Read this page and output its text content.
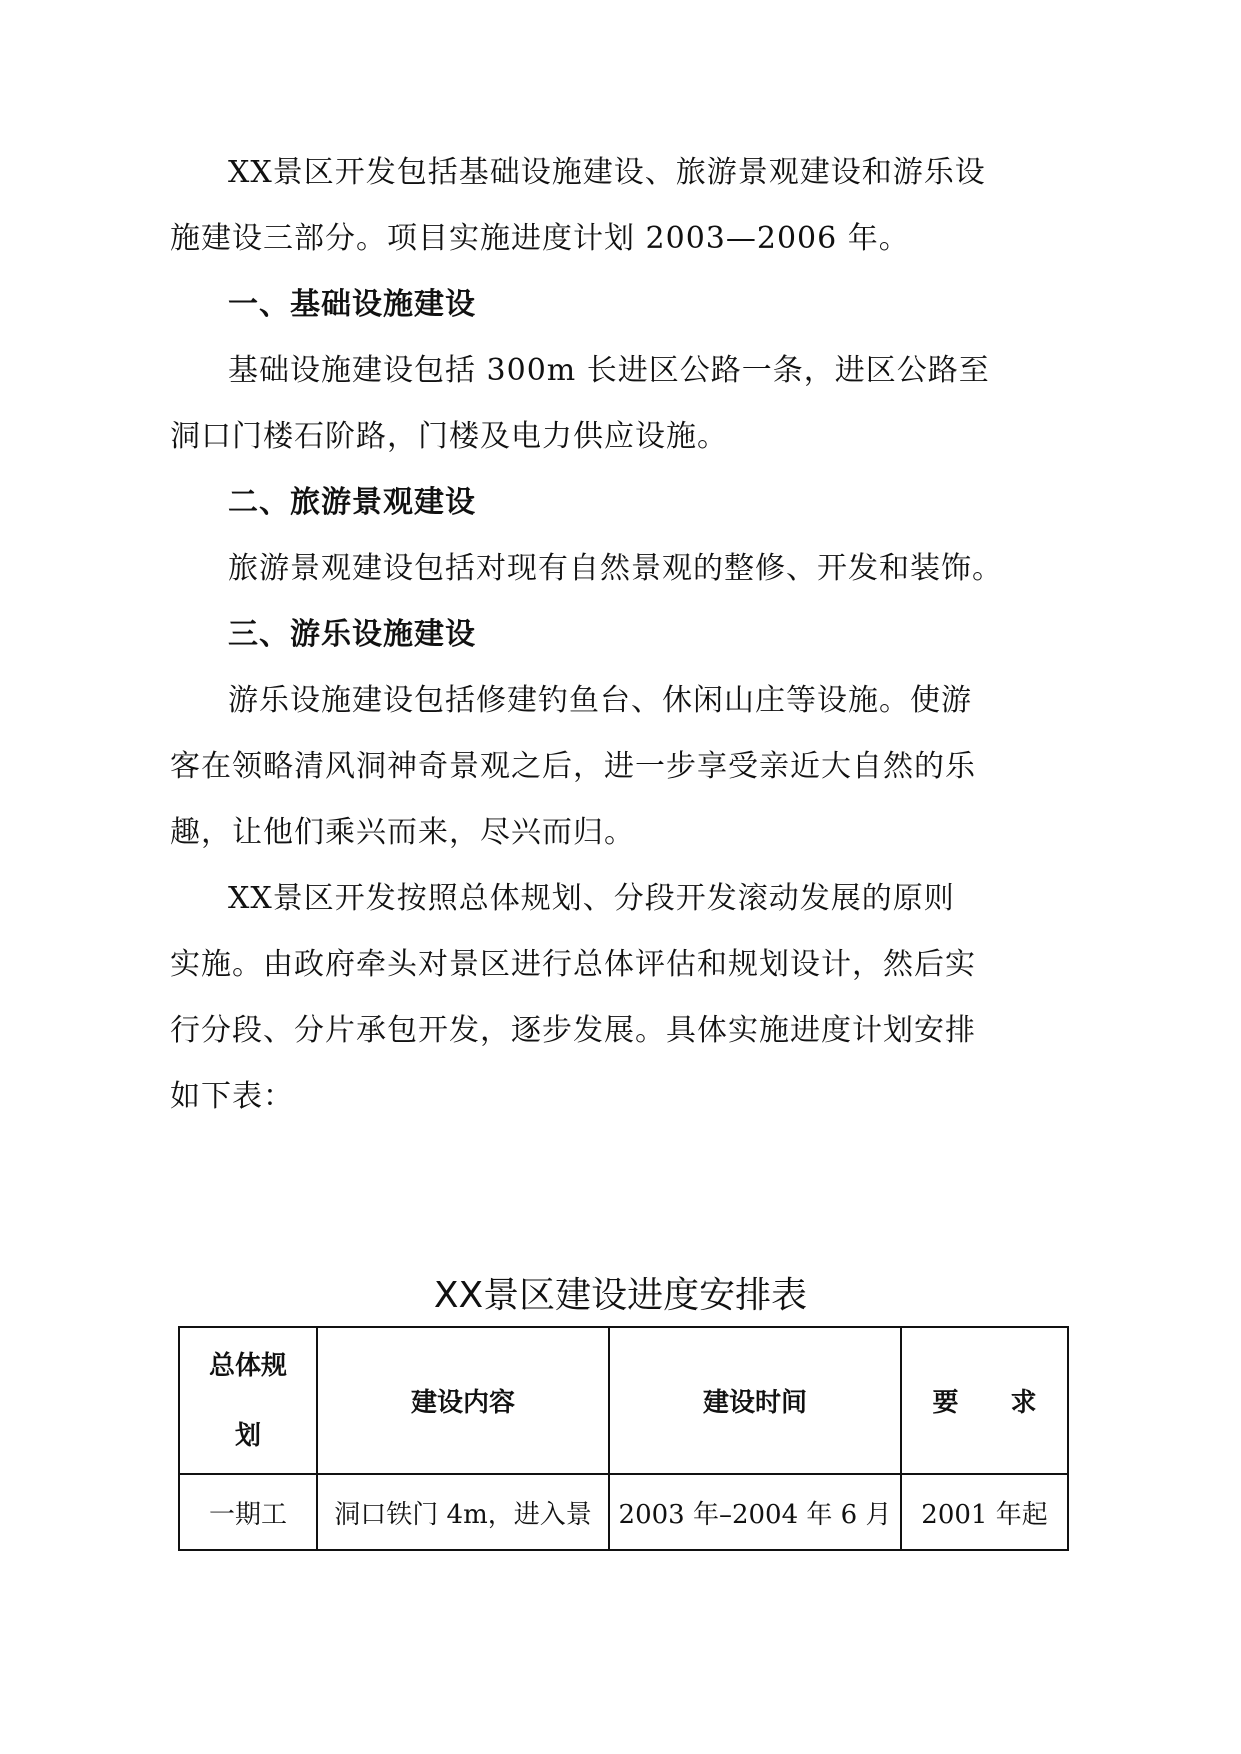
XX景区开发包括基础设施建设、旅游景观建设和游乐设
施建设三部分。项目实施进度计划 2003—2006 年。
一、基础设施建设
基础设施建设包括 300m 长进区公路一条，进区公路至
洞口门楼石阶路，门楼及电力供应设施。
二、旅游景观建设
旅游景观建设包括对现有自然景观的整修、开发和装饰。
三、游乐设施建设
游乐设施建设包括修建钓鱼台、休闲山庄等设施。使游
客在领略清风洞神奇景观之后，进一步享受亲近大自然的乐
趣，让他们乘兴而来，尽兴而归。
XX景区开发按照总体规划、分段开发滚动发展的原则
实施。由政府牵头对景区进行总体评估和规划设计，然后实
行分段、分片承包开发，逐步发展。具体实施进度计划安排
如下表：
XX景区建设进度安排表
总体规
划	建设内容	建设时间	要　　求
一期工	洞口铁门 4m，进入景	2003 年–2004 年 6 月	2001 年起
